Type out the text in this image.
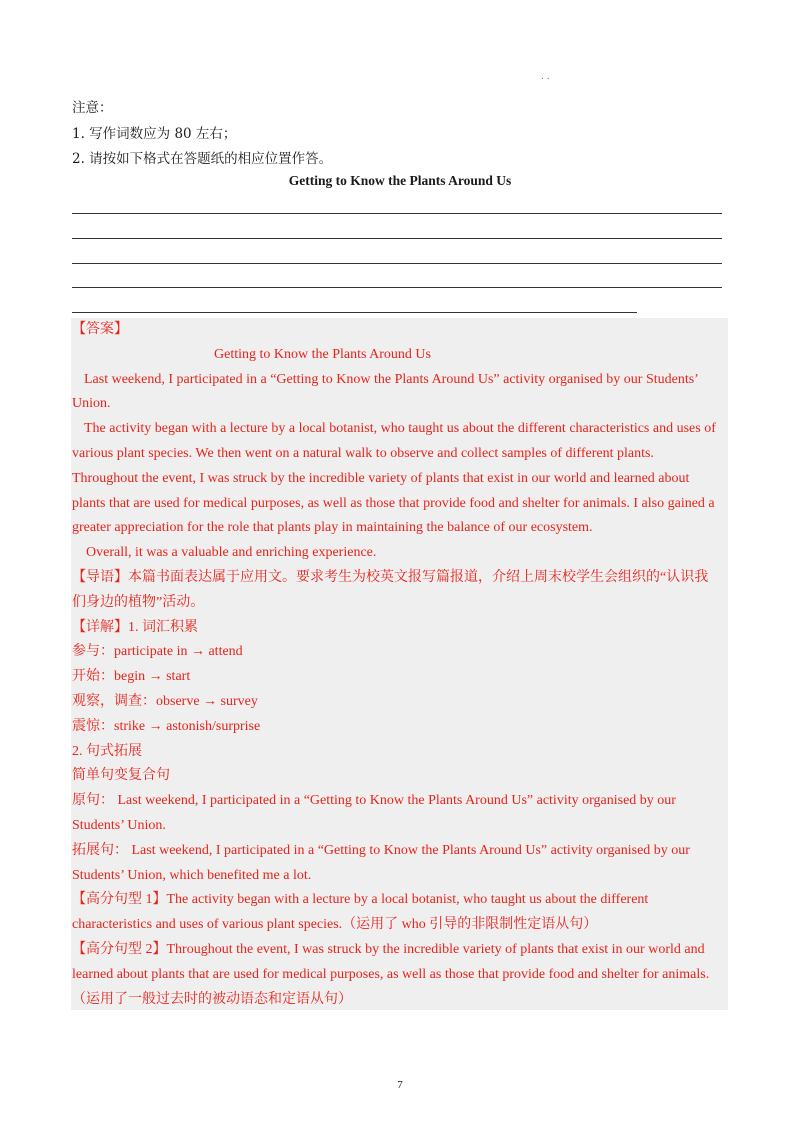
. .
注意：
1. 写作词数应为 80 左右；
2. 请按如下格式在答题纸的相应位置作答。
Getting to Know the Plants Around Us
【答案】
Getting to Know the Plants Around Us
Last weekend, I participated in a “Getting to Know the Plants Around Us” activity organised by our Students’
Union.
The activity began with a lecture by a local botanist, who taught us about the different characteristics and uses of
various plant species. We then went on a natural walk to observe and collect samples of different plants.
Throughout the event, I was struck by the incredible variety of plants that exist in our world and learned about
plants that are used for medical purposes, as well as those that provide food and shelter for animals. I also gained a
greater appreciation for the role that plants play in maintaining the balance of our ecosystem.
Overall, it was a valuable and enriching experience.
【导语】本篇书面表达属于应用文。要求考生为校英文报写篇报道，介绍上周末校学生会组织的“认识我
们身边的植物”活动。
【详解】1. 词汇积累
参与：participate in → attend
开始：begin → start
观察，调查：observe → survey
震惊：strike → astonish/surprise
2. 句式拓展
简单句变复合句
原句： Last weekend, I participated in a “Getting to Know the Plants Around Us” activity organised by our
Students’ Union.
拓展句： Last weekend, I participated in a “Getting to Know the Plants Around Us” activity organised by our
Students’ Union, which benefited me a lot.
【高分句型 1】The activity began with a lecture by a local botanist, who taught us about the different
characteristics and uses of various plant species.（运用了 who 引导的非限制性定语从句）
【高分句型 2】Throughout the event, I was struck by the incredible variety of plants that exist in our world and
learned about plants that are used for medical purposes, as well as those that provide food and shelter for animals.
（运用了一般过去时的被动语态和定语从句）
7
